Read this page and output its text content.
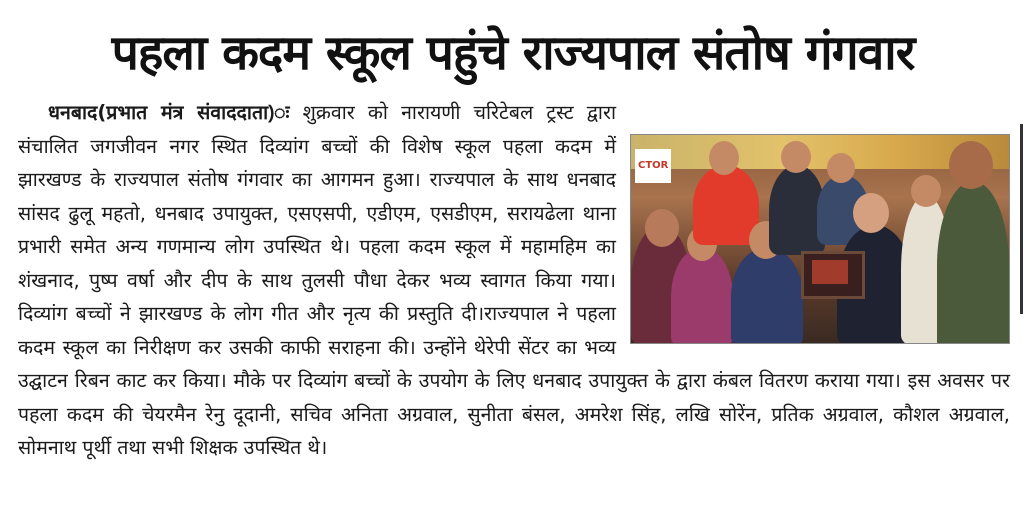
पहला कदम स्कूल पहुंचे राज्यपाल संतोष गंगवार
CTOR
धनबाद(प्रभात मंत्र संवाददाता)ः शुक्रवार को नारायणी चरिटेबल ट्रस्ट द्वारा संचालित जगजीवन नगर स्थित दिव्यांग बच्चों की विशेष स्कूल पहला कदम में झारखण्ड के राज्यपाल संतोष गंगवार का आगमन हुआ। राज्यपाल के साथ धनबाद सांसद ढुलू महतो, धनबाद उपायुक्त, एसएसपी, एडीएम, एसडीएम, सरायढेला थाना प्रभारी समेत अन्य गणमान्य लोग उपस्थित थे। पहला कदम स्कूल में महामहिम का शंखनाद, पुष्प वर्षा और दीप के साथ तुलसी पौधा देकर भव्य स्वागत किया गया। दिव्यांग बच्चों ने झारखण्ड के लोग गीत और नृत्य की प्रस्तुति दी।राज्यपाल ने पहला कदम स्कूल का निरीक्षण कर उसकी काफी सराहना की। उन्होंने थेरेपी सेंटर का भव्य उद्घाटन रिबन काट कर किया। मौके पर दिव्यांग बच्चों के उपयोग के लिए धनबाद उपायुक्त के द्वारा कंबल वितरण कराया गया। इस अवसर पर पहला कदम की चेयरमैन रेनु दूदानी, सचिव अनिता अग्रवाल, सुनीता बंसल, अमरेश सिंह, लखि सोरेंन, प्रतिक अग्रवाल, कौशल अग्रवाल, सोमनाथ पूर्थी तथा सभी शिक्षक उपस्थित थे।
